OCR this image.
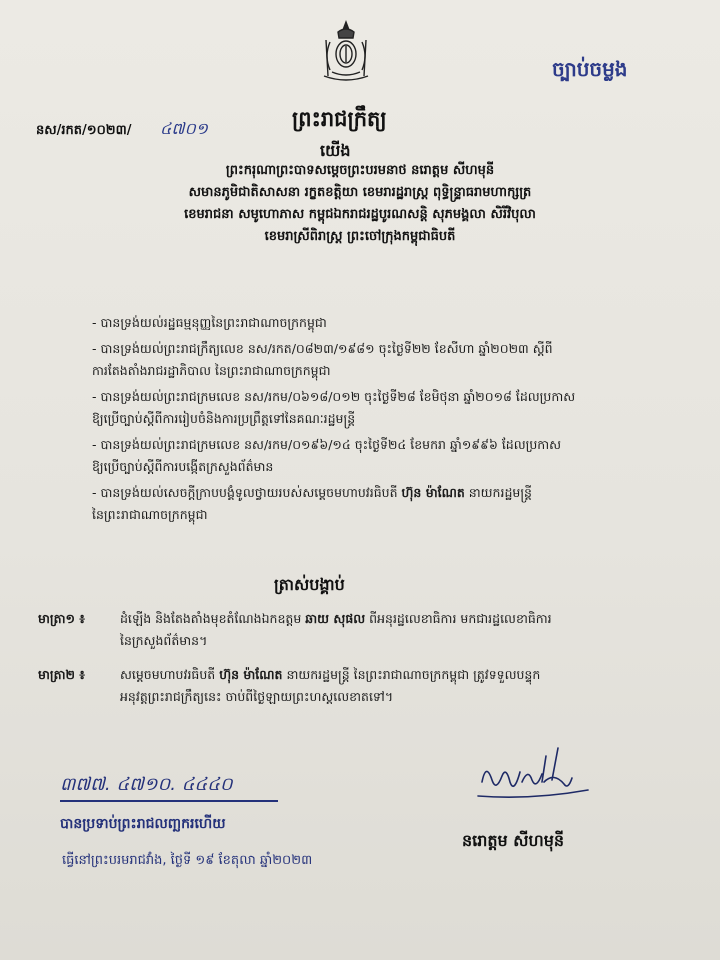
ច្បាប់ចម្លង
ព្រះរាជក្រឹត្យ
នស/រកត/១០២៣/ ៤៧០១
យើង
ព្រះករុណាព្រះបាទសម្តេចព្រះបរមនាថ នរោត្តម សីហមុនី
សមានភូមិជាតិសាសនា រក្ខតខត្តិយា ខេមរារដ្ឋរាស្ត្រ ពុទ្ធិន្ទ្រាធរាមហាក្សត្រ
ខេមរាជនា សមូហោភាស កម្ពុជឯករាជរដ្ឋបូរណសន្តិ សុភមង្គលា សិរីវិបុលា
ខេមរាស្រីពិរាស្ត្រ ព្រះចៅក្រុងកម្ពុជាធិបតី
- បានទ្រង់យល់រដ្ឋធម្មនុញ្ញនៃព្រះរាជាណាចក្រកម្ពុជា
- បានទ្រង់យល់ព្រះរាជក្រឹត្យលេខ នស/រកត/០៨២៣/១៩៨១ ចុះថ្ងៃទី២២ ខែសីហា ឆ្នាំ២០២៣ ស្តីពី
ការតែងតាំងរាជរដ្ឋាភិបាល នៃព្រះរាជាណាចក្រកម្ពុជា
- បានទ្រង់យល់ព្រះរាជក្រមលេខ នស/រកម/០៦១៨/០១២ ចុះថ្ងៃទី២៨ ខែមិថុនា ឆ្នាំ២០១៨ ដែលប្រកាស
ឱ្យប្រើច្បាប់ស្តីពីការរៀបចំនិងការប្រព្រឹត្តទៅនៃគណៈរដ្ឋមន្ត្រី
- បានទ្រង់យល់ព្រះរាជក្រមលេខ នស/រកម/០១៩៦/១៤ ចុះថ្ងៃទី២៤ ខែមករា ឆ្នាំ១៩៩៦ ដែលប្រកាស
ឱ្យប្រើច្បាប់ស្តីពីការបង្កើតក្រសួងព័ត៌មាន
- បានទ្រង់យល់សេចក្តីក្រាបបង្គំទូលថ្វាយរបស់សម្តេចមហាបវរធិបតី ហ៊ុន ម៉ាណែត នាយករដ្ឋមន្ត្រី
នៃព្រះរាជាណាចក្រកម្ពុជា
ត្រាស់បង្គាប់
មាត្រា១ ៖	ដំឡើង និងតែងតាំងមុខតំណែងឯកឧត្តម ឆាយ សុផល ពីអនុរដ្ឋលេខាធិការ មកជារដ្ឋលេខាធិការ
នៃក្រសួងព័ត៌មាន។
មាត្រា២ ៖	សម្តេចមហាបវរធិបតី ហ៊ុន ម៉ាណែត នាយករដ្ឋមន្ត្រី នៃព្រះរាជាណាចក្រកម្ពុជា ត្រូវទទួលបន្ទុក
អនុវត្តព្រះរាជក្រឹត្យនេះ ចាប់ពីថ្ងៃឡាយព្រះហស្តលេខាតទៅ។
៣៧៧. ៤៧១០. ៤៤៤០
បានប្រទាប់ព្រះរាជលញ្ឆករហើយ
ធ្វើនៅព្រះបរមរាជវាំង, ថ្ងៃទី ១៩ ខែតុលា ឆ្នាំ២០២៣
នរោត្តម សីហមុនី
